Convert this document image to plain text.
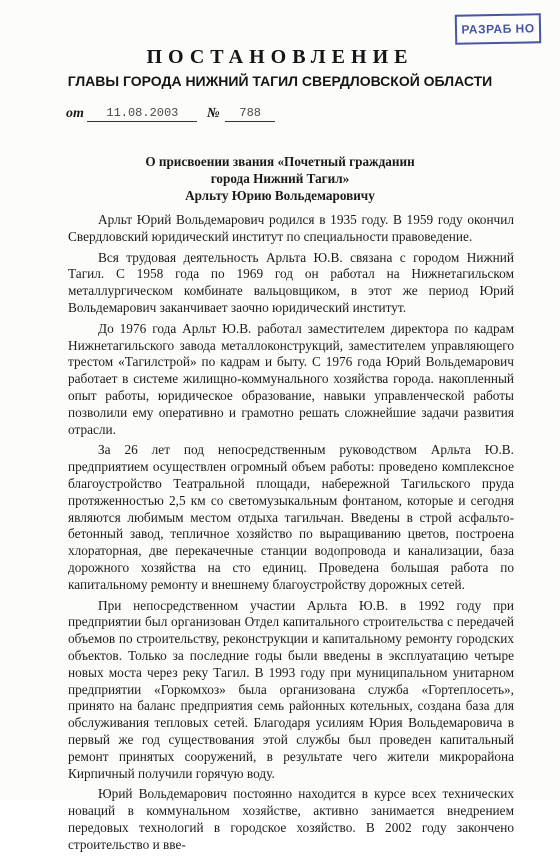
РАЗРАБ НО
ПОСТАНОВЛЕНИЕ
ГЛАВЫ ГОРОДА НИЖНИЙ ТАГИЛ СВЕРДЛОВСКОЙ ОБЛАСТИ
от 11.08.2003 № 788
О присвоении звания «Почетный гражданин
города Нижний Тагил»
Арльту Юрию Вольдемаровичу

Арльт Юрий Вольдемарович родился в 1935 году. В 1959 году окончил Свердловский юридический институт по специальности правоведение.

Вся трудовая деятельность Арльта Ю.В. связана с городом Нижний Тагил. С 1958 года по 1969 год он работал на Нижнетагильском металлургическом комбинате вальцовщиком, в этот же период Юрий Вольдемарович заканчивает заочно юридический институт.

До 1976 года Арльт Ю.В. работал заместителем директора по кадрам Нижнетагильского завода металлоконструкций, заместителем управляющего трестом «Тагилстрой» по кадрам и быту. С 1976 года Юрий Вольдемарович работает в системе жилищно-коммунального хозяйства города. накопленный опыт работы, юридическое образование, навыки управленческой работы позволили ему оперативно и грамотно решать сложнейшие задачи развития отрасли.

За 26 лет под непосредственным руководством Арльта Ю.В. предприятием осуществлен огромный объем работы: проведено комплексное благоустройство Театральной площади, набережной Тагильского пруда протяженностью 2,5 км со светомузыкальным фонтаном, которые и сегодня являются любимым местом отдыха тагильчан. Введены в строй асфальто-бетонный завод, тепличное хозяйство по выращиванию цветов, построена хлораторная, две перекачечные станции водопровода и канализации, база дорожного хозяйства на сто единиц. Проведена большая работа по капитальному ремонту и внешнему благоустройству дорожных сетей.

При непосредственном участии Арльта Ю.В. в 1992 году при предприятии был организован Отдел капитального строительства с передачей объемов по строительству, реконструкции и капитальному ремонту городских объектов. Только за последние годы были введены в эксплуатацию четыре новых моста через реку Тагил. В 1993 году при муниципальном унитарном предприятии «Горкомхоз» была организована служба «Гортеплосеть», принято на баланс предприятия семь районных котельных, создана база для обслуживания тепловых сетей. Благодаря усилиям Юрия Вольдемаровича в первый же год существования этой службы был проведен капитальный ремонт принятых сооружений, в результате чего жители микрорайона Кирпичный получили горячую воду.

Юрий Вольдемарович постоянно находится в курсе всех технических новаций в коммунальном хозяйстве, активно занимается внедрением передовых технологий в городское хозяйство. В 2002 году закончено строительство и вве-
